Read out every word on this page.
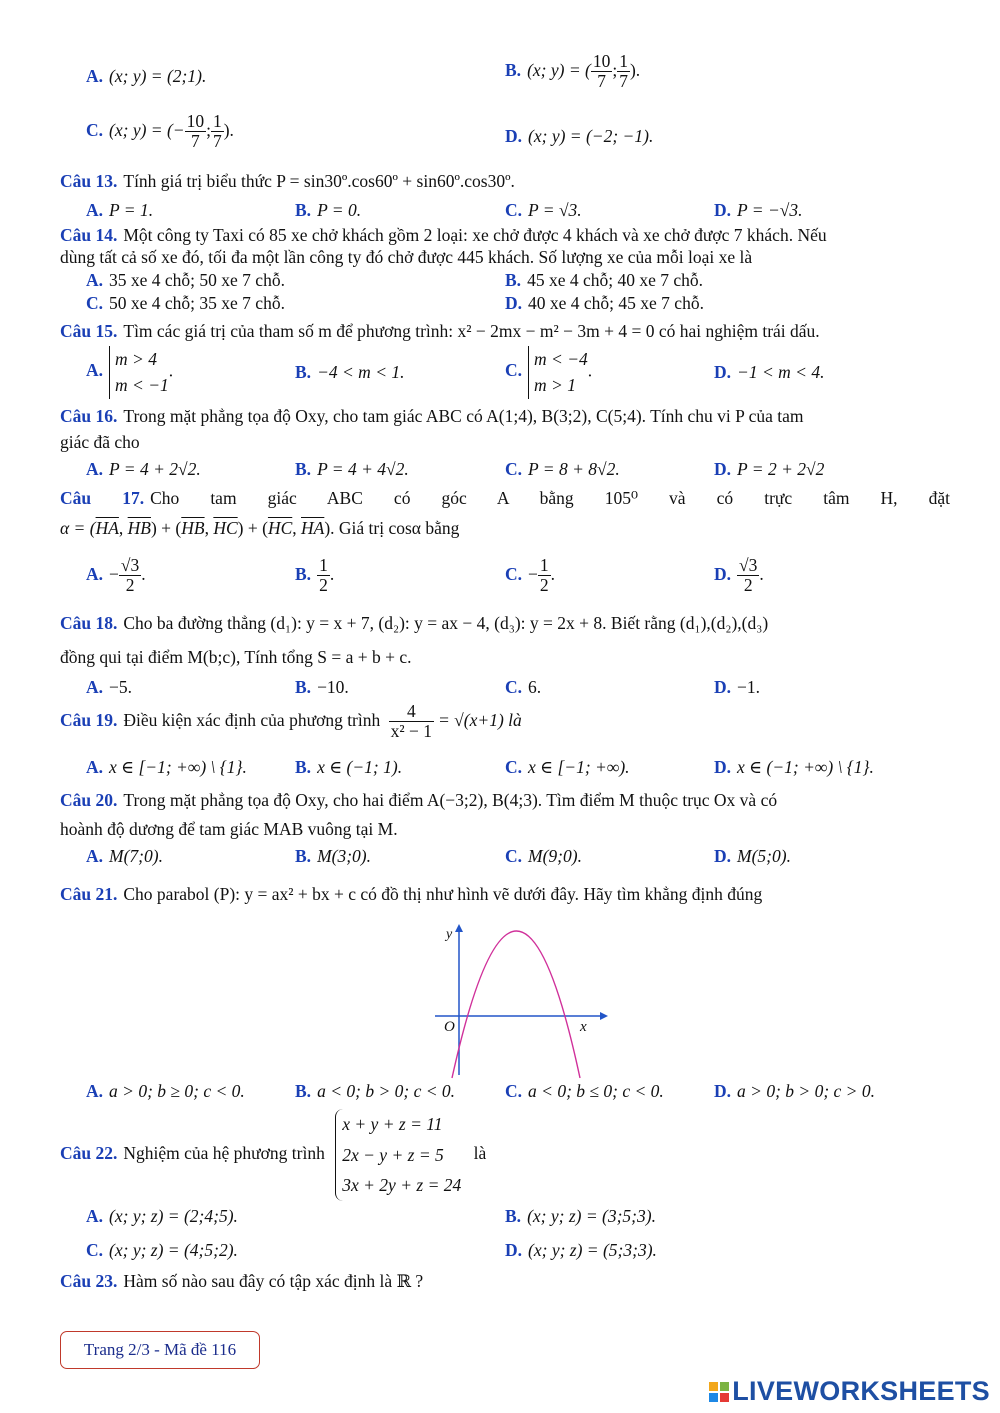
A. (x; y) = (2;1).	B. (x; y) = ( $\frac{10}{7}$ ; $\frac{1}{7}$ ).
C. (x; y) = (− $\frac{10}{7}$ ; $\frac{1}{7}$ ).	D. (x; y) = (−2; −1).
Câu 13. Tính giá trị biểu thức P = sin30º.cos60º + sin60º.cos30º.
A. P = 1.	B. P = 0.	C. P = √3.	D. P = −√3.
Câu 14. Một công ty Taxi có 85 xe chở khách gồm 2 loại: xe chở được 4 khách và xe chở được 7 khách. Nếu
dùng tất cả số xe đó, tối đa một lần công ty đó chở được 445 khách. Số lượng xe của mỗi loại xe là
A. 35 xe 4 chỗ; 50 xe 7 chỗ.	B. 45 xe 4 chỗ; 40 xe 7 chỗ.
C. 50 xe 4 chỗ; 35 xe 7 chỗ.	D. 40 xe 4 chỗ; 45 xe 7 chỗ.
Câu 15. Tìm các giá trị của tham số m để phương trình: x² − 2mx − m² − 3m + 4 = 0 có hai nghiệm trái dấu.
A.
m > 4
m < −1
.	B. −4 < m < 1.	C.
m < −4
m > 1
.	D. −1 < m < 4.
Câu 16. Trong mặt phẳng tọa độ Oxy, cho tam giác ABC có A(1;4), B(3;2), C(5;4). Tính chu vi P của tam
giác đã cho
A. P = 4 + 2√2.	B. P = 4 + 4√2.	C. P = 8 + 8√2.	D. P = 2 + 2√2
Câu 17. Cho tam giác ABC có góc A bằng 105⁰ và có trực tâm H, đặt
$\alpha = (\overline{HA}$, $\overline{HB}) + (\overline{HB}$, $\overline{HC}) + (\overline{HC}$, $\overline{HA}$). Giá trị cosα bằng
A. − $\frac{√3}{2}$ .	B. $\frac{1}{2}$ .	C. − $\frac{1}{2}$ .	D. $\frac{√3}{2}$ .
Câu 18. Cho ba đường thẳng (d₁): y = x + 7, (d₂): y = ax − 4, (d₃): y = 2x + 8. Biết rằng (d₁),(d₂),(d₃)
đồng qui tại điểm M(b;c), Tính tổng S = a + b + c.
A. −5.	B. −10.	C. 6.	D. −1.
Câu 19. Điều kiện xác định của phương trình $\frac{4}{\text{x² − 1}} = √(x+1)$ là
A. x ∈ [−1; +∞) \ {1}.	B. x ∈ (−1; 1).	C. x ∈ [−1; +∞).	D. x ∈ (−1; +∞) \ {1}.
Câu 20. Trong mặt phẳng tọa độ Oxy, cho hai điểm A(−3;2), B(4;3). Tìm điểm M thuộc trục Ox và có
hoành độ dương để tam giác MAB vuông tại M.
A. M(7;0).	B. M(3;0).	C. M(9;0).	D. M(5;0).
Câu 21. Cho parabol (P): y = ax² + bx + c có đồ thị như hình vẽ dưới đây. Hãy tìm khẳng định đúng
y
x
O
A. a > 0; b ≥ 0; c < 0.	B. a < 0; b > 0; c < 0.	C. a < 0; b ≤ 0; c < 0.	D. a > 0; b > 0; c > 0.
Câu 22. Nghiệm của hệ phương trình
x + y + z = 11
2x − y + z = 5
3x + 2y + z = 24
là
A. (x; y; z) = (2;4;5).	B. (x; y; z) = (3;5;3).
C. (x; y; z) = (4;5;2).	D. (x; y; z) = (5;3;3).
Câu 23. Hàm số nào sau đây có tập xác định là ℝ ?
Trang 2/3 - Mã đề 116
LIVEWORKSHEETS
